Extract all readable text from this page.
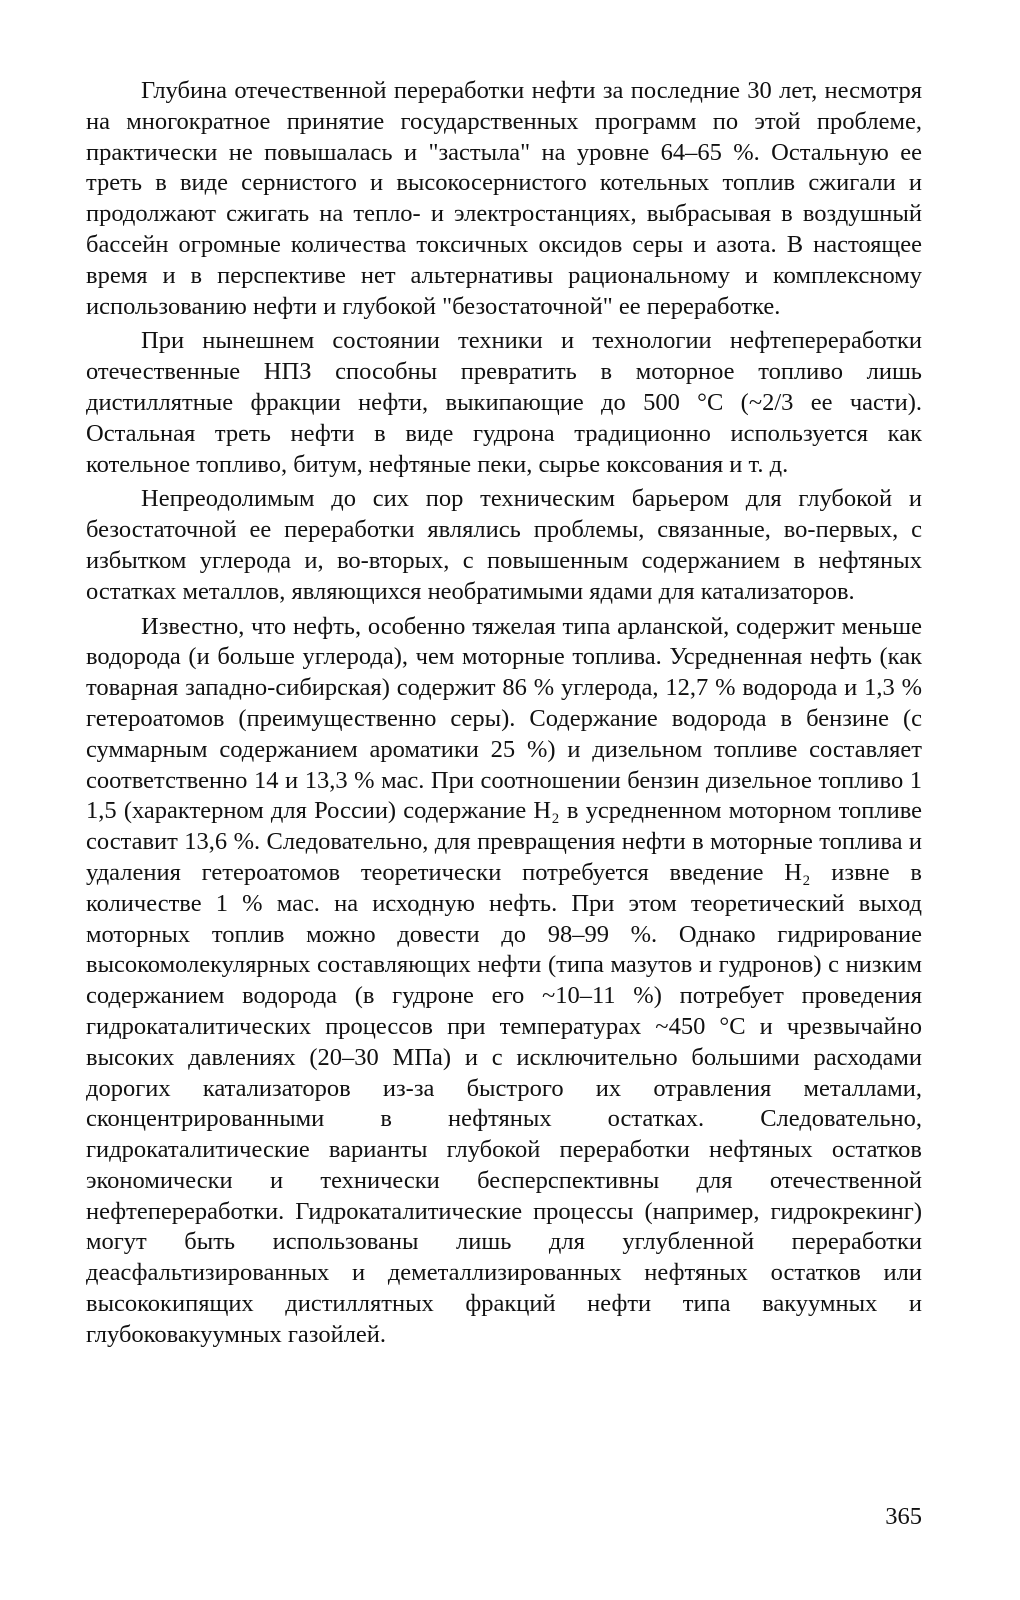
Глубина отечественной переработки нефти за последние 30 лет, несмотря на многократное принятие государственных программ по этой проблеме, практически не повышалась и "застыла" на уровне 64–65 %. Остальную ее треть в виде сернистого и высокосернистого котельных топлив сжигали и продолжают сжигать на тепло- и электростанциях, выбрасывая в воздушный бассейн огромные количества токсичных оксидов серы и азота. В настоящее время и в перспективе нет альтернативы рациональному и комплексному использованию нефти и глубокой "безостаточной" ее переработке.

При нынешнем состоянии техники и технологии нефтепереработки отечественные НПЗ способны превратить в моторное топливо лишь дистиллятные фракции нефти, выкипающие до 500 °С (~2/3 ее части). Остальная треть нефти в виде гудрона традиционно используется как котельное топливо, битум, нефтяные пеки, сырье коксования и т. д.

Непреодолимым до сих пор техническим барьером для глубокой и безостаточной ее переработки являлись проблемы, связанные, во-первых, с избытком углерода и, во-вторых, с повышенным содержанием в нефтяных остатках металлов, являющихся необратимыми ядами для катализаторов.

Известно, что нефть, особенно тяжелая типа арланской, содержит меньше водорода (и больше углерода), чем моторные топлива. Усредненная нефть (как товарная западно-сибирская) содержит 86 % углерода, 12,7 % водорода и 1,3 % гетероатомов (преимущественно серы). Содержание водорода в бензине (с суммарным содержанием ароматики 25 %) и дизельном топливе составляет соответственно 14 и 13,3 % мас. При соотношении бензин дизельное топливо 1 1,5 (характерном для России) содержание H₂ в усредненном моторном топливе составит 13,6 %. Следовательно, для превращения нефти в моторные топлива и удаления гетероатомов теоретически потребуется введение H₂ извне в количестве 1 % мас. на исходную нефть. При этом теоретический выход моторных топлив можно довести до 98–99 %. Однако гидрирование высокомолекулярных составляющих нефти (типа мазутов и гудронов) с низким содержанием водорода (в гудроне его ~10–11 %) потребует проведения гидрокаталитических процессов при температурах ~450 °С и чрезвычайно высоких давлениях (20–30 МПа) и с исключительно большими расходами дорогих катализаторов из-за быстрого их отравления металлами, сконцентрированными в нефтяных остатках. Следовательно, гидрокаталитические варианты глубокой переработки нефтяных остатков экономически и технически бесперспективны для отечественной нефтепереработки. Гидрокаталитические процессы (например, гидрокрекинг) могут быть использованы лишь для углубленной переработки деасфальтизированных и деметаллизированных нефтяных остатков или высококипящих дистиллятных фракций нефти типа вакуумных и глубоковакуумных газойлей.

365
